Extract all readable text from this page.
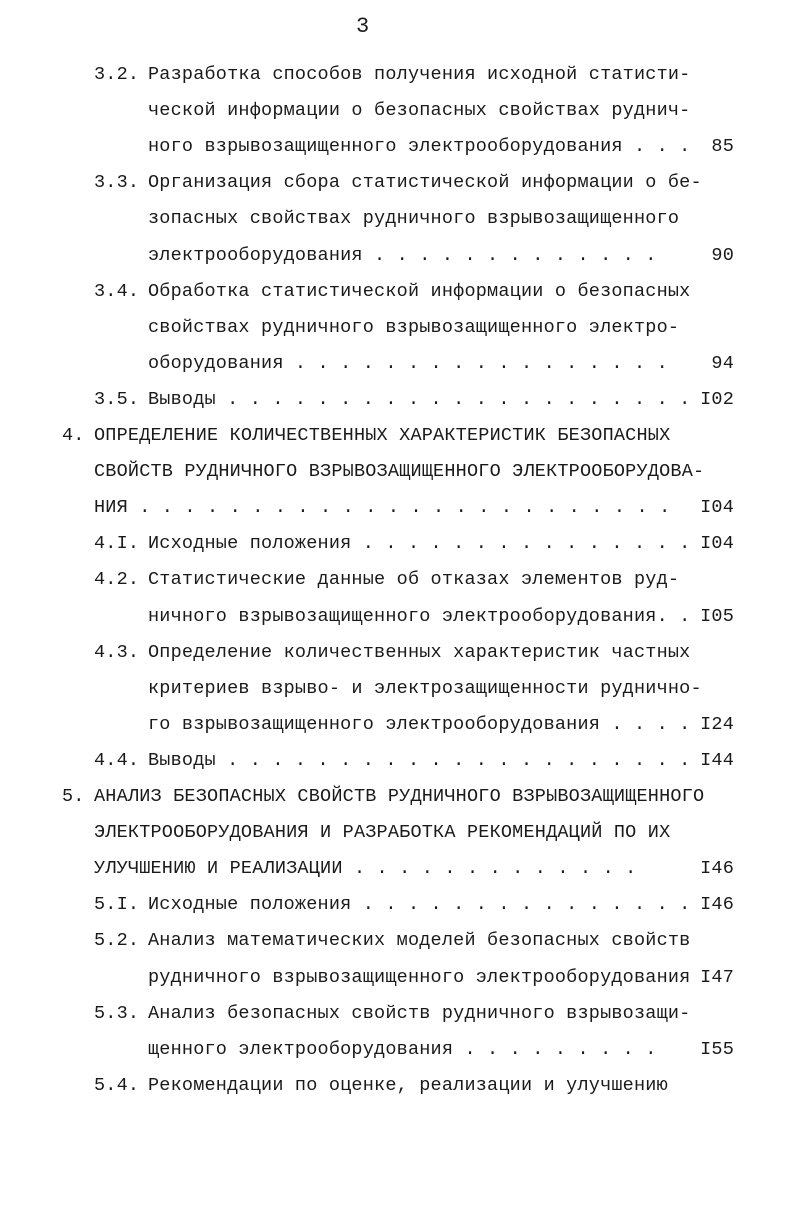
3
3.2. Разработка способов получения исходной статисти-
ческой информации о безопасных свойствах руднич-
ного взрывозащищенного электрооборудования . . .	85
3.3. Организация сбора статистической информации о бе-
зопасных свойствах рудничного взрывозащищенного
электрооборудования . . . . . . . . . . . . .	90
3.4. Обработка статистической информации о безопасных
свойствах рудничного взрывозащищенного электро-
оборудования . . . . . . . . . . . . . . . . .	94
3.5. Выводы . . . . . . . . . . . . . . . . . . . . . I02
4. ОПРЕДЕЛЕНИЕ КОЛИЧЕСТВЕННЫХ ХАРАКТЕРИСТИК БЕЗОПАСНЫХ
СВОЙСТВ РУДНИЧНОГО ВЗРЫВОЗАЩИЩЕННОГО ЭЛЕКТРООБОРУДОВА-
НИЯ . . . . . . . . . . . . . . . . . . . . . . . .	I04
4.I. Исходные положения . . . . . . . . . . . . . . . I04
4.2. Статистические данные об отказах элементов руд-
ничного взрывозащищенного электрооборудования. . I05
4.3. Определение количественных характеристик частных
критериев взрыво- и электрозащищенности руднично-
го взрывозащищенного электрооборудования . . . . I24
4.4. Выводы . . . . . . . . . . . . . . . . . . . . . I44
5. АНАЛИЗ БЕЗОПАСНЫХ СВОЙСТВ РУДНИЧНОГО ВЗРЫВОЗАЩИЩЕННОГО
ЭЛЕКТРООБОРУДОВАНИЯ И РАЗРАБОТКА РЕКОМЕНДАЦИЙ ПО ИХ
УЛУЧШЕНИЮ И РЕАЛИЗАЦИИ . . . . . . . . . . . . .	I46
5.I. Исходные положения . . . . . . . . . . . . . . . I46
5.2. Анализ математических моделей безопасных свойств
рудничного взрывозащищенного электрооборудования I47
5.3. Анализ безопасных свойств рудничного взрывозащи-
щенного электрооборудования . . . . . . . . .	I55
5.4. Рекомендации по оценке, реализации и улучшению
